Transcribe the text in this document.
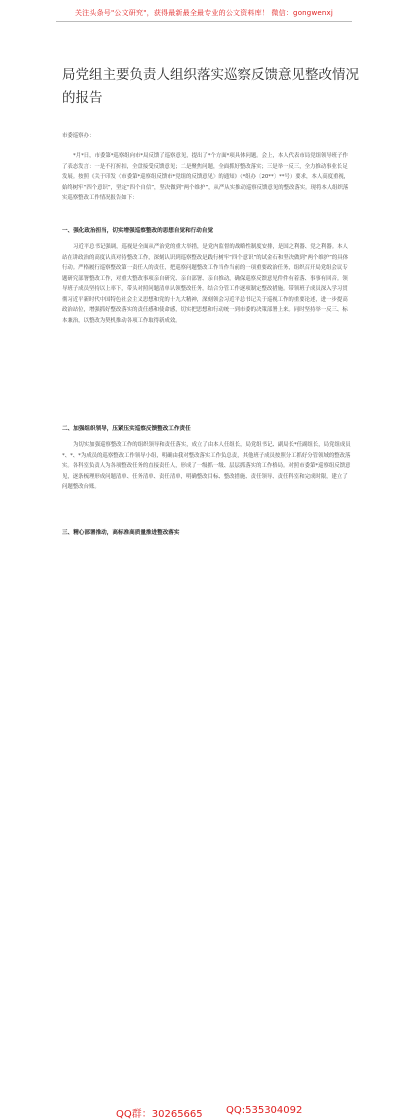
关注头条号"公文研究"，获得最新最全最专业的公文资料库！ 微信：gongwenxj
局党组主要负责人组织落实巡察反馈意见整改情况的报告
市委巡察办：
*月*日，市委第*巡察组向市*局反馈了巡察意见，提出了*个方面*项具体问题。会上，本人代表市局党组领导班子作了表态发言：一是不打折扣，全盘接受反馈意见；二是聚焦问题，全面抓好整改落实；三是举一反三，全力推动事业长足发展。按照《关于印发〈市委第*巡察组反馈市*党组的反馈意见〉的通知》（*组办〔20**〕**号）要求，本人高度重视，始终树牢“四个意识”，坚定“四个自信”，坚决做到“两个维护”，从严从实推动巡察反馈意见的整改落实。现将本人组织落实巡察整改工作情况报告如下：
一、强化政治担当，切实增强巡察整改的思想自觉和行动自觉
习近平总书记强调，巡视是全面从严治党的重大举措，是党内监督的战略性制度安排，是国之利器、党之利器。本人站在讲政治的高度认真对待整改工作，深刻认识到巡察整改是践行树牢“四个意识”的试金石和坚决做到“两个维护”的具体行动。严格履行巡察整改第一责任人的责任，把巡察问题整改工作当作当前的一项重要政治任务，组织召开局党组会议专题研究部署整改工作，对重大整改事项亲自研究、亲自部署、亲自推动，确保巡察反馈意见件件有着落、事事有回音。领导班子成员坚持以上率下，带头对照问题清单认领整改任务，结合分管工作逐项制定整改措施。带领班子成员深入学习贯彻习近平新时代中国特色社会主义思想和党的十九大精神，深刻领会习近平总书记关于巡视工作的重要论述，进一步提高政治站位，增强抓好整改落实的责任感和使命感，切实把思想和行动统一到市委的决策部署上来。同时坚持举一反三、标本兼治，以整改为契机推动各项工作取得新成效。
二、加强组织领导，压紧压实巡察反馈整改工作责任
为切实加强巡察整改工作的组织领导和责任落实，成立了由本人任组长，局党组书记、副局长*任副组长，局党组成员*、*、*为成员的巡察整改工作领导小组，明确由我对整改落实工作负总责，其他班子成员按照分工抓好分管领域的整改落实。各科室负责人为各项整改任务的直接责任人，形成了一级抓一级、层层抓落实的工作格局。对照市委第*巡察组反馈意见，逐条梳理形成问题清单、任务清单、责任清单，明确整改目标、整改措施、责任领导、责任科室和完成时限，建立了问题整改台账。
三、精心部署推动，高标准高质量推进整改落实
QQ群：30265665 QQ:535304092
